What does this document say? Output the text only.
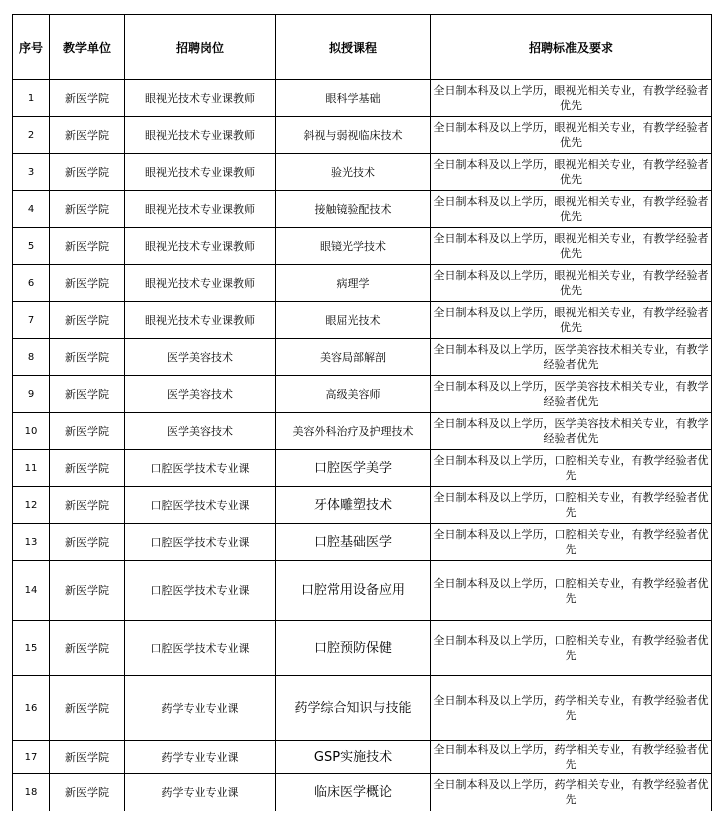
序号	教学单位	招聘岗位	拟授课程	招聘标准及要求
1	新医学院	眼视光技术专业课教师	眼科学基础	全日制本科及以上学历，眼视光相关专业，有教学经验者优先
2	新医学院	眼视光技术专业课教师	斜视与弱视临床技术	全日制本科及以上学历，眼视光相关专业，有教学经验者优先
3	新医学院	眼视光技术专业课教师	验光技术	全日制本科及以上学历，眼视光相关专业，有教学经验者优先
4	新医学院	眼视光技术专业课教师	接触镜验配技术	全日制本科及以上学历，眼视光相关专业，有教学经验者优先
5	新医学院	眼视光技术专业课教师	眼镜光学技术	全日制本科及以上学历，眼视光相关专业，有教学经验者优先
6	新医学院	眼视光技术专业课教师	病理学	全日制本科及以上学历，眼视光相关专业，有教学经验者优先
7	新医学院	眼视光技术专业课教师	眼屈光技术	全日制本科及以上学历，眼视光相关专业，有教学经验者优先
8	新医学院	医学美容技术	美容局部解剖	全日制本科及以上学历，医学美容技术相关专业，有教学经验者优先
9	新医学院	医学美容技术	高级美容师	全日制本科及以上学历，医学美容技术相关专业，有教学经验者优先
10	新医学院	医学美容技术	美容外科治疗及护理技术	全日制本科及以上学历，医学美容技术相关专业，有教学经验者优先
11	新医学院	口腔医学技术专业课	口腔医学美学	全日制本科及以上学历，口腔相关专业，有教学经验者优先
12	新医学院	口腔医学技术专业课	牙体雕塑技术	全日制本科及以上学历，口腔相关专业，有教学经验者优先
13	新医学院	口腔医学技术专业课	口腔基础医学	全日制本科及以上学历，口腔相关专业，有教学经验者优先
14	新医学院	口腔医学技术专业课	口腔常用设备应用	全日制本科及以上学历，口腔相关专业，有教学经验者优先
15	新医学院	口腔医学技术专业课	口腔预防保健	全日制本科及以上学历，口腔相关专业，有教学经验者优先
16	新医学院	药学专业专业课	药学综合知识与技能	全日制本科及以上学历，药学相关专业，有教学经验者优先
17	新医学院	药学专业专业课	GSP实施技术	全日制本科及以上学历，药学相关专业，有教学经验者优先
18	新医学院	药学专业专业课	临床医学概论	全日制本科及以上学历，药学相关专业，有教学经验者优先
